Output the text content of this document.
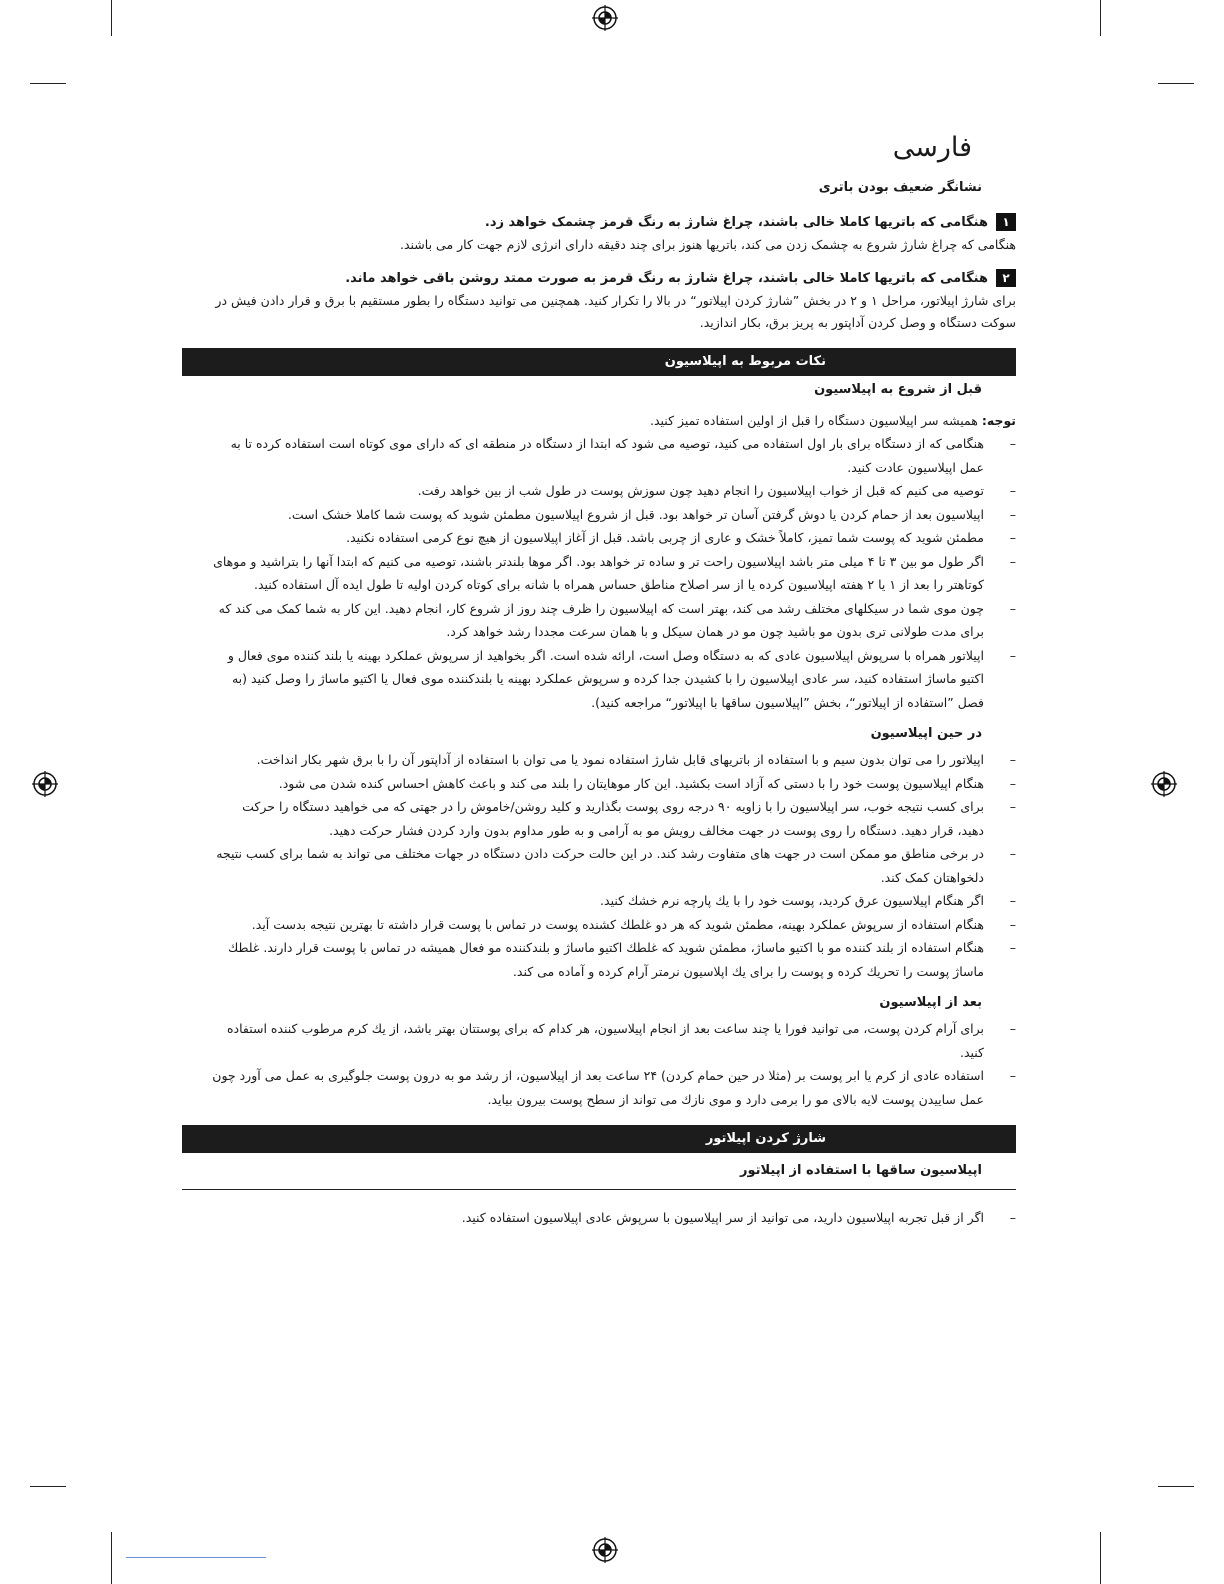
فارسی
نشانگر ضعیف بودن باتری
۱
هنگامی که باتریها کاملا خالی باشند، چراغ شارژ به رنگ قرمز چشمک خواهد زد.

هنگامی که چراغ شارژ شروع به چشمک زدن می کند، باتریها هنوز برای چند دقیقه دارای انرژی لازم جهت کار می باشند.

۲
هنگامی که باتریها کاملا خالی باشند، چراغ شارژ به رنگ قرمز به صورت ممتد روشن باقی خواهد ماند.

برای شارژ اپیلاتور، مراحل ۱ و ۲ در بخش ”شارژ کردن اپیلاتور“ در بالا را تکرار کنید. همچنین می توانید دستگاه را بطور مستقیم با برق و قرار دادن فیش در سوکت دستگاه و وصل کردن آداپتور به پریز برق، بکار اندازید.

نکات مربوط به اپیلاسیون
قبل از شروع به اپیلاسیون

توجه: همیشه سر اپیلاسیون دستگاه را قبل از اولین استفاده تمیز کنید.

– هنگامی که از دستگاه برای بار اول استفاده می کنید، توصیه می شود که ابتدا از دستگاه در منطقه ای که دارای موی کوتاه است استفاده کرده تا به عمل اپیلاسیون عادت کنید.
– توصیه می کنیم که قبل از خواب اپیلاسیون را انجام دهید چون سوزش پوست در طول شب از بین خواهد رفت.
– اپیلاسیون بعد از حمام کردن یا دوش گرفتن آسان تر خواهد بود. قبل از شروع اپیلاسیون مطمئن شوید که پوست شما کاملا خشک است.
– مطمئن شوید که پوست شما تمیز، کاملاً خشک و عاری از چربی باشد. قبل از آغاز اپیلاسیون از هیچ نوع کرمی استفاده نکنید.
– اگر طول مو بین ۳ تا ۴ میلی متر باشد اپیلاسیون راحت تر و ساده تر خواهد بود. اگر موها بلندتر باشند، توصیه می کنیم که ابتدا آنها را بتراشید و موهای کوتاهتر را بعد از ۱ یا ۲ هفته اپیلاسیون کرده یا از سر اصلاح مناطق حساس همراه با شانه برای کوتاه کردن اولیه تا طول ایده آل استفاده کنید.
– چون موی شما در سیکلهای مختلف رشد می کند، بهتر است که اپیلاسیون را ظرف چند روز از شروع کار، انجام دهید. این کار به شما کمک می کند که برای مدت طولانی تری بدون مو باشید چون مو در همان سیکل و با همان سرعت مجددا رشد خواهد کرد.
– اپیلاتور همراه با سرپوش اپیلاسیون عادی که به دستگاه وصل است، ارائه شده است. اگر بخواهید از سرپوش عملکرد بهینه یا بلند کننده موی فعال و اکتیو ماساژ استفاده کنید، سر عادی اپیلاسیون را با کشیدن جدا کرده و سرپوش عملکرد بهینه یا بلندکننده موی فعال یا اکتیو ماساژ را وصل کنید (به فصل ”استفاده از اپیلاتور“، بخش ”اپیلاسیون ساقها با اپیلاتور“ مراجعه کنید).
در حین اپیلاسیون
– اپیلاتور را می توان بدون سیم و با استفاده از باتریهای قابل شارژ استفاده نمود یا می توان با استفاده از آداپتور آن را با برق شهر بکار انداخت.
– هنگام اپیلاسیون پوست خود را با دستی که آزاد است بکشید. این کار موهایتان را بلند می کند و باعث کاهش احساس کنده شدن می شود.
– برای کسب نتیجه خوب، سر اپیلاسیون را با زاویه ۹۰ درجه روی پوست بگذارید و کلید روشن/خاموش را در جهتی که می خواهید دستگاه را حرکت دهید، قرار دهید. دستگاه را روی پوست در جهت مخالف رویش مو به آرامی و به طور مداوم بدون وارد کردن فشار حرکت دهید.
– در برخی مناطق مو ممکن است در جهت های متفاوت رشد کند. در این حالت حرکت دادن دستگاه در جهات مختلف می تواند به شما برای کسب نتیجه دلخواهتان کمک کند.
– اگر هنگام اپیلاسیون عرق کردید، پوست خود را با یك پارچه نرم خشك كنيد.
– هنگام استفاده از سرپوش عملکرد بهینه، مطمئن شوید که هر دو غلطك کشنده پوست در تماس با پوست قرار داشته تا بهترین نتیجه بدست آید.
– هنگام استفاده از بلند کننده مو با اکتیو ماساژ، مطمئن شوید که غلطك اکتیو ماساژ و بلندکننده مو فعال همیشه در تماس با پوست قرار دارند. غلطك ماساژ پوست را تحریك کرده و پوست را برای یك اپلاسیون نرمتر آرام کرده و آماده می کند.
بعد از اپیلاسیون
– برای آرام کردن پوست، می توانید فورا یا چند ساعت بعد از انجام اپیلاسیون، هر کدام که برای پوستتان بهتر باشد، از یك کرم مرطوب کننده استفاده کنید.
– استفاده عادی از کرم یا ابر پوست بر (مثلا در حین حمام کردن) ۲۴ ساعت بعد از اپیلاسیون، از رشد مو به درون پوست جلوگیری به عمل می آورد چون عمل ساییدن پوست لایه بالای مو را برمی دارد و موی نازك می تواند از سطح پوست بیرون بیاید.
شارژ کردن اپیلاتور
اپیلاسیون ساقها با استفاده از اپیلاتور
– اگر از قبل تجربه اپیلاسیون دارید، می توانید از سر اپیلاسیون با سرپوش عادی اپیلاسیون استفاده کنید.
